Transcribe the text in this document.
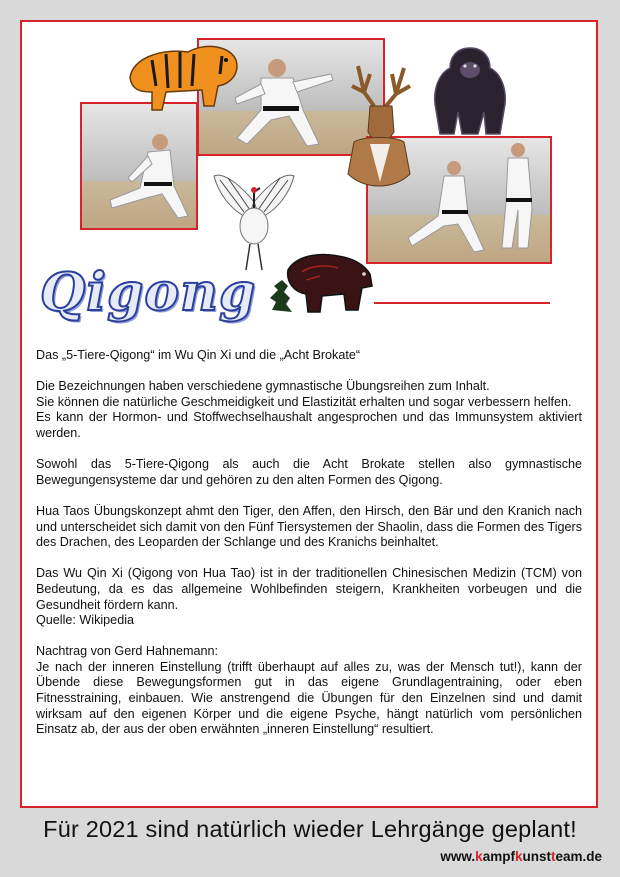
Qigong

Das „5-Tiere-Qigong“ im Wu Qin Xi und die „Acht Brokate“

Die Bezeichnungen haben verschiedene gymnastische Übungsreihen zum Inhalt.
Sie können die natürliche Geschmeidigkeit und Elastizität erhalten und sogar verbessern helfen.
Es kann der Hormon- und Stoffwechselhaushalt angesprochen und das Immunsystem aktiviert werden.

Sowohl das 5-Tiere-Qigong als auch die Acht Brokate stellen also gymnastische Bewegungensysteme dar und gehören zu den alten Formen des Qigong.

Hua Taos Übungskonzept ahmt den Tiger, den Affen, den Hirsch, den Bär und den Kranich nach und unterscheidet sich damit von den Fünf Tiersystemen der Shaolin, dass die Formen des Tigers des Drachen, des Leoparden der Schlange und des Kranichs beinhaltet.

Das Wu Qin Xi (Qigong von Hua Tao) ist in der traditionellen Chinesischen Medizin (TCM) von Bedeutung, da es das allgemeine Wohlbefinden steigern, Krankheiten vorbeugen und die Gesundheit fördern kann.
Quelle: Wikipedia

Nachtrag von Gerd Hahnemann:
Je nach der inneren Einstellung (trifft überhaupt auf alles zu, was der Mensch tut!), kann der Übende diese Bewegungsformen gut in das eigene Grundlagentraining, oder eben Fitnesstraining, einbauen. Wie anstrengend die Übungen für den Einzelnen sind und damit wirksam auf den eigenen Körper und die eigene Psyche, hängt natürlich vom persönlichen Einsatz ab, der aus der oben erwähnten „inneren Einstellung“ resultiert.

Für 2021 sind natürlich wieder Lehrgänge geplant!
www.kampfkunstteam.de
